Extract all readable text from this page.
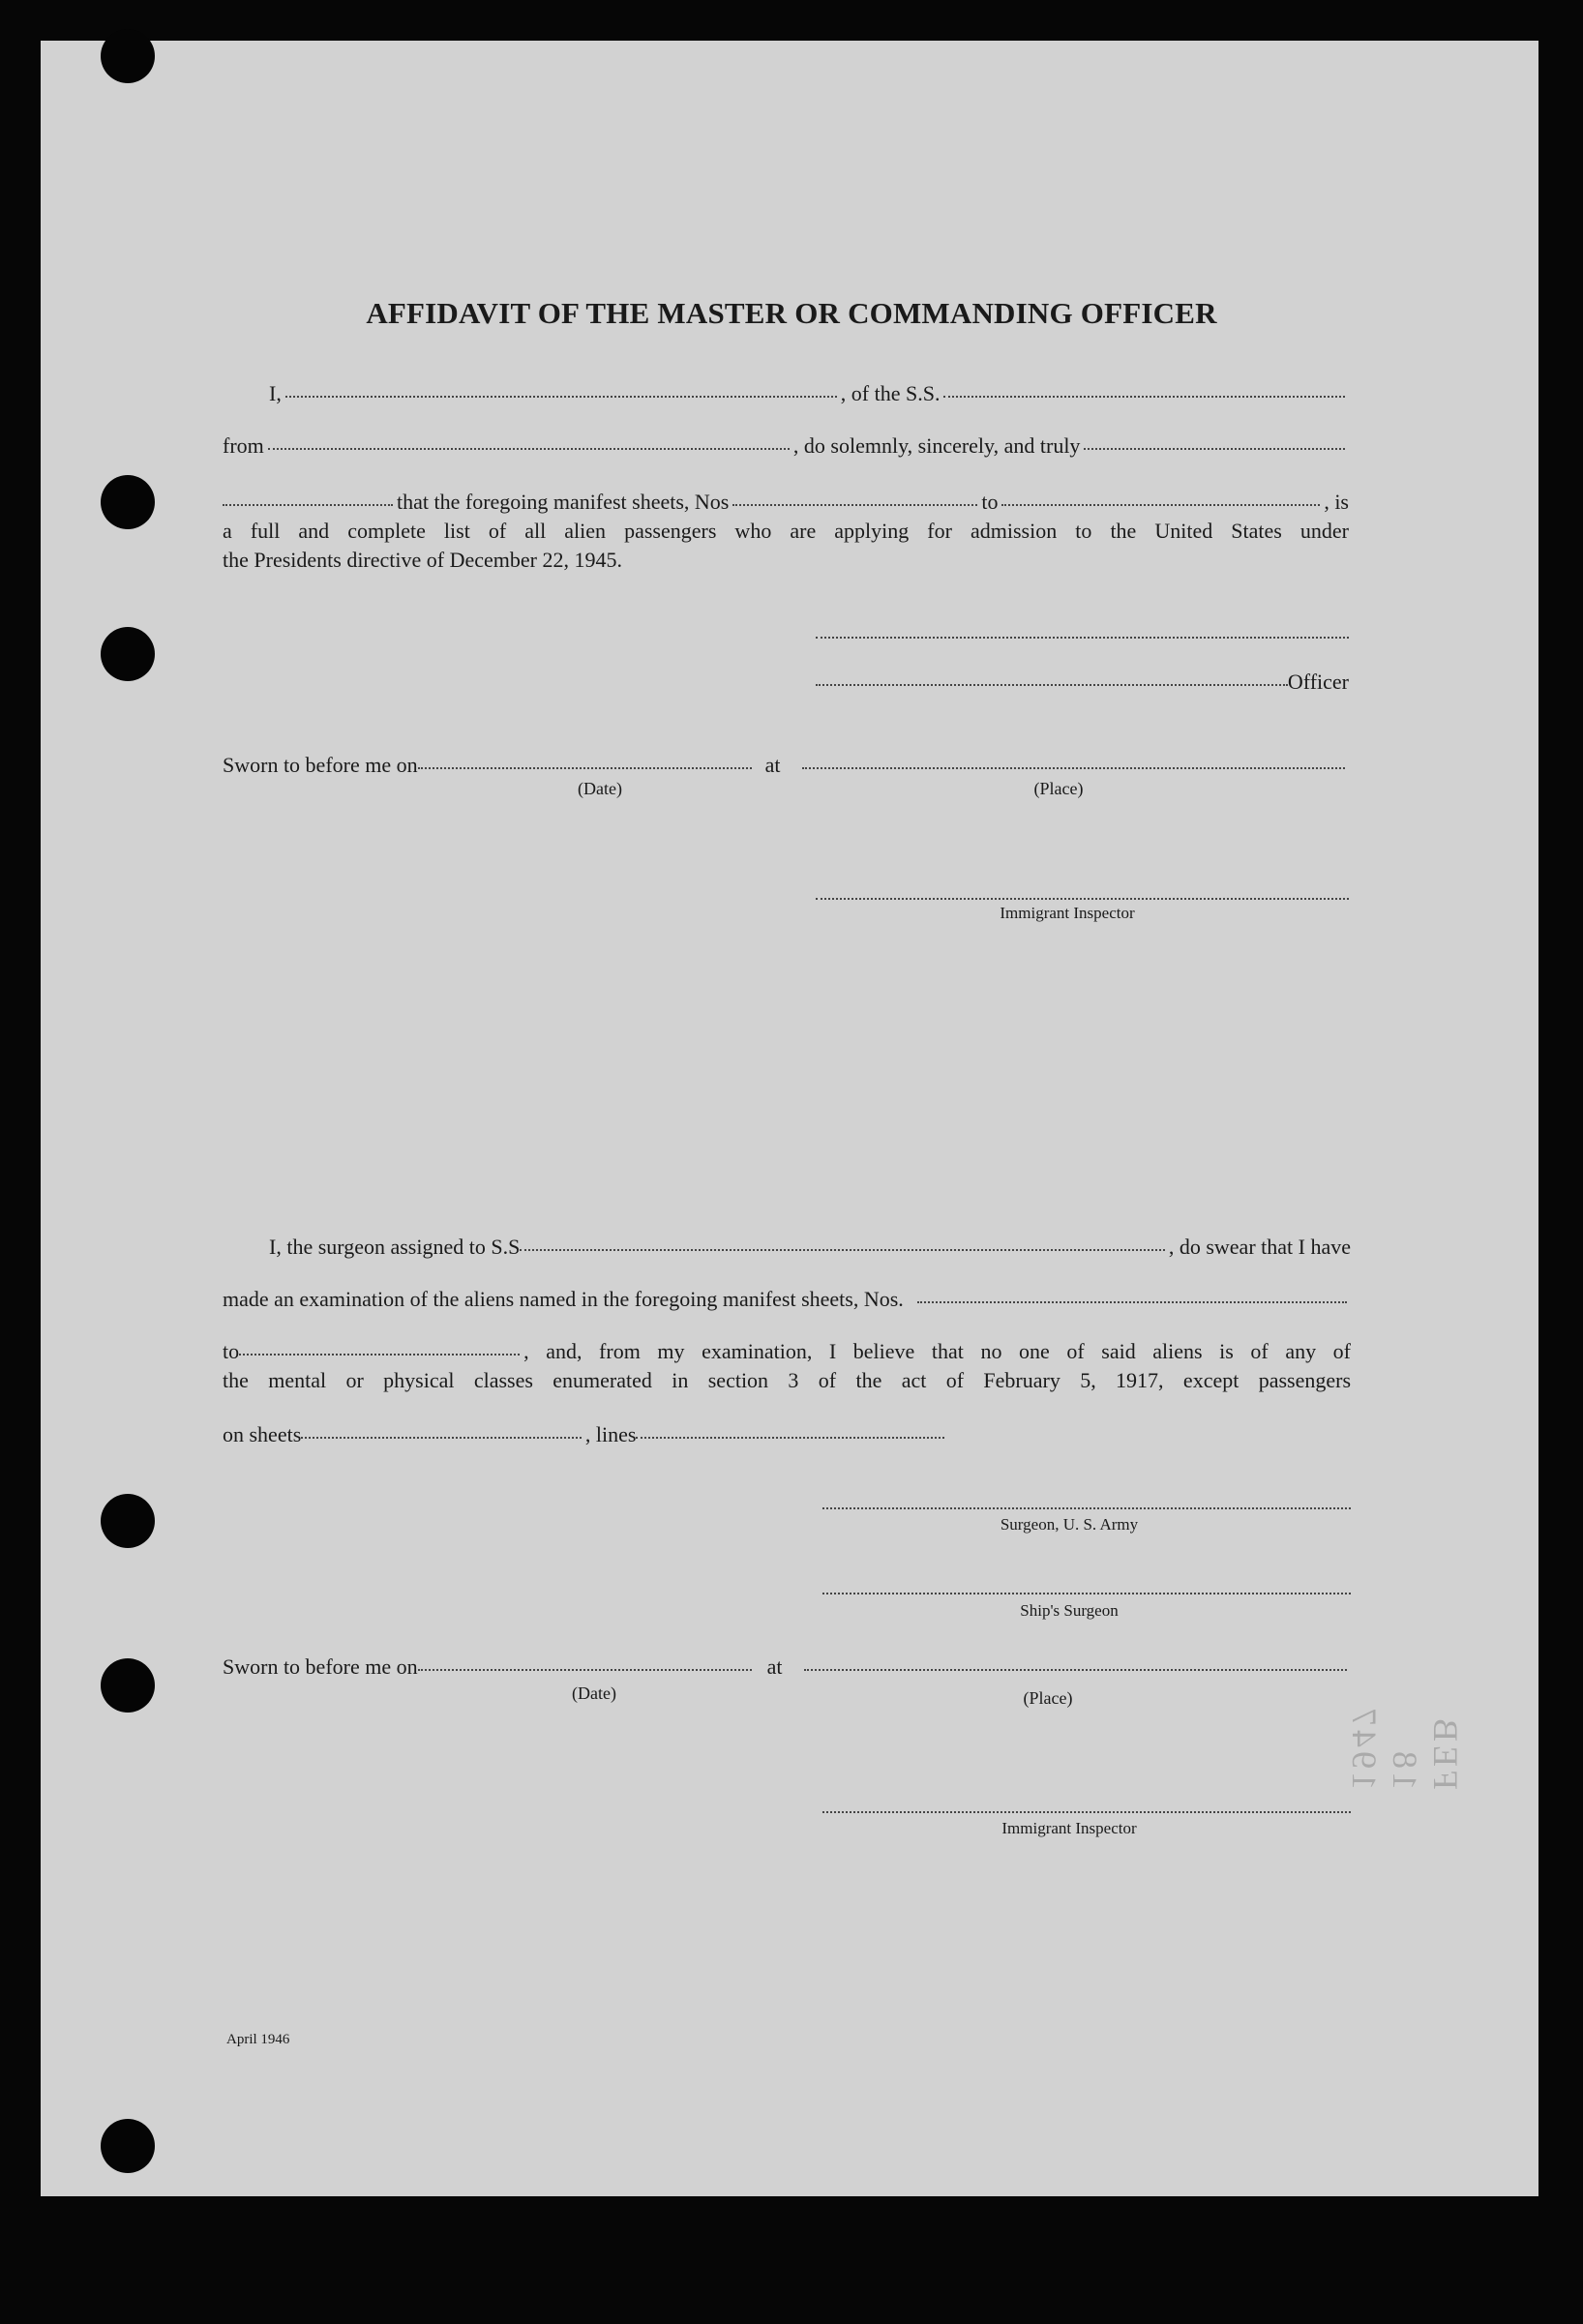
FEB 18 1947
AFFIDAVIT OF THE MASTER OR COMMANDING OFFICER
I,	, of the S.S.
from	, do solemnly, sincerely, and truly
that the foregoing manifest sheets, Nos	to	, is
a full and complete list of all alien passengers who are applying for admission to the United States under
the Presidents directive of December 22, 1945.
Officer
Sworn to before me on	at
(Date)	(Place)
Immigrant Inspector
I, the surgeon assigned to S.S	, do swear that I have
made an examination of the aliens named in the foregoing manifest sheets, Nos.
to	, and, from my examination, I believe that no one of said aliens is of any of
the mental or physical classes enumerated in section 3 of the act of February 5, 1917, except passengers
on sheets	, lines
Surgeon, U. S. Army
Ship's Surgeon
Sworn to before me on	at
(Date)	(Place)
Immigrant Inspector
April 1946
